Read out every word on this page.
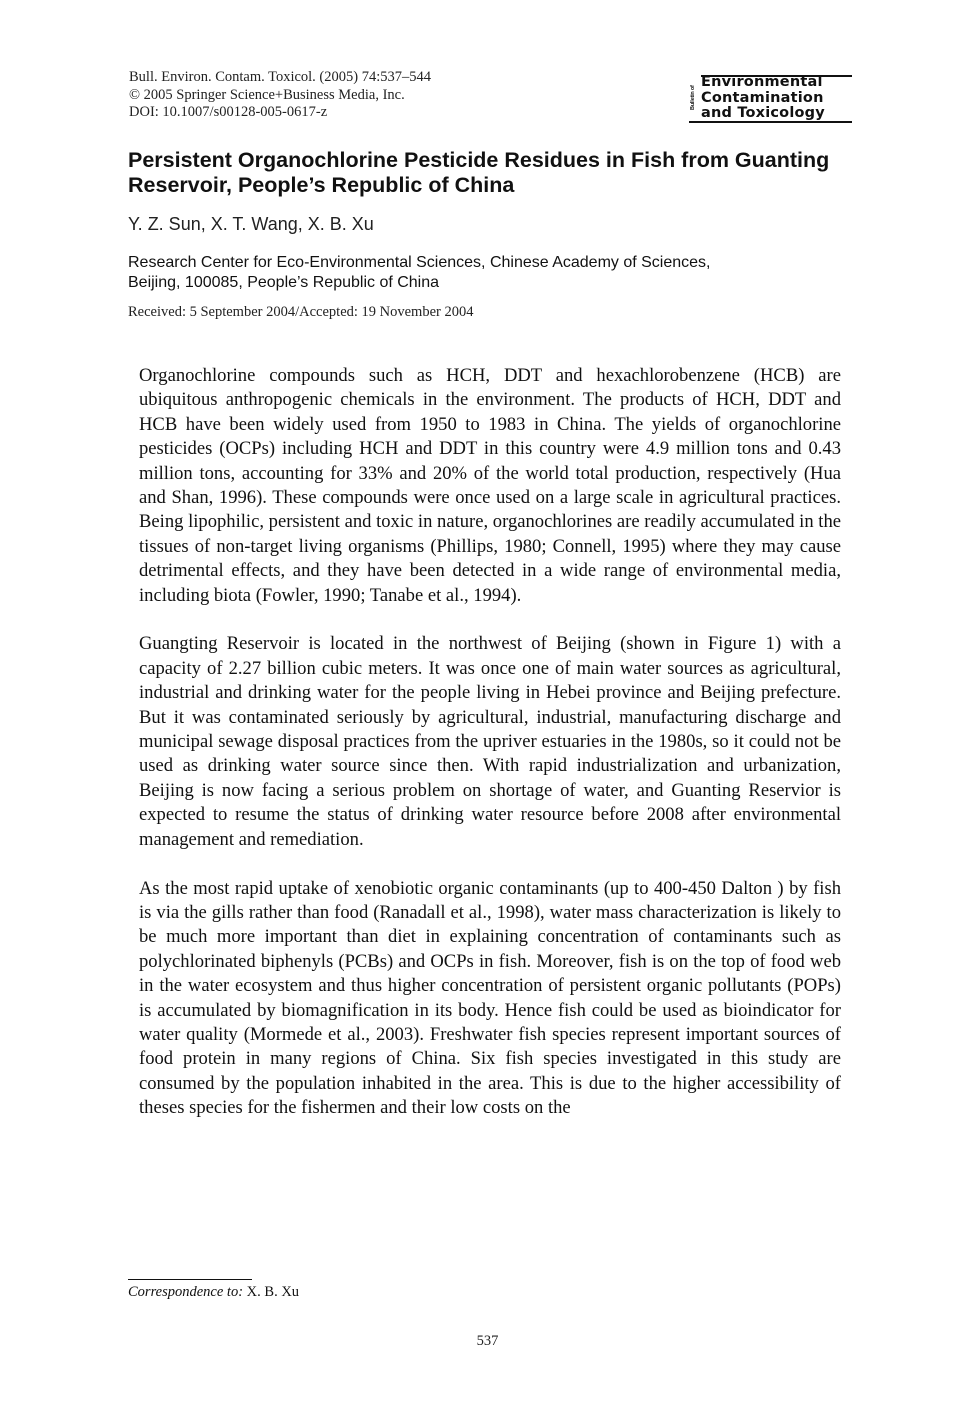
Bull. Environ. Contam. Toxicol. (2005) 74:537–544
© 2005 Springer Science+Business Media, Inc.
DOI: 10.1007/s00128-005-0617-z
Bulletin of
Environmental
Contamination
and Toxicology
Persistent Organochlorine Pesticide Residues in Fish from Guanting Reservoir, People’s Republic of China
Y. Z. Sun, X. T. Wang, X. B. Xu
Research Center for Eco-Environmental Sciences, Chinese Academy of Sciences,
Beijing, 100085, People’s Republic of China
Received: 5 September 2004/Accepted: 19 November 2004

Organochlorine compounds such as HCH, DDT and hexachlorobenzene (HCB) are ubiquitous anthropogenic chemicals in the environment. The products of HCH, DDT and HCB have been widely used from 1950 to 1983 in China. The yields of organochlorine pesticides (OCPs) including HCH and DDT in this country were 4.9 million tons and 0.43 million tons, accounting for 33% and 20% of the world total production, respectively (Hua and Shan, 1996). These compounds were once used on a large scale in agricultural practices. Being lipophilic, persistent and toxic in nature, organochlorines are readily accumulated in the tissues of non-target living organisms (Phillips, 1980; Connell, 1995) where they may cause detrimental effects, and they have been detected in a wide range of environmental media, including biota (Fowler, 1990; Tanabe et al., 1994).

Guangting Reservoir is located in the northwest of Beijing (shown in Figure 1) with a capacity of 2.27 billion cubic meters. It was once one of main water sources as agricultural, industrial and drinking water for the people living in Hebei province and Beijing prefecture. But it was contaminated seriously by agricultural, industrial, manufacturing discharge and municipal sewage disposal practices from the upriver estuaries in the 1980s, so it could not be used as drinking water source since then. With rapid industrialization and urbanization, Beijing is now facing a serious problem on shortage of water, and Guanting Reservior is expected to resume the status of drinking water resource before 2008 after environmental management and remediation.

As the most rapid uptake of xenobiotic organic contaminants (up to 400-450 Dalton ) by fish is via the gills rather than food (Ranadall et al., 1998), water mass characterization is likely to be much more important than diet in explaining concentration of contaminants such as polychlorinated biphenyls (PCBs) and OCPs in fish. Moreover, fish is on the top of food web in the water ecosystem and thus higher concentration of persistent organic pollutants (POPs) is accumulated by biomagnification in its body. Hence fish could be used as bioindicator for water quality (Mormede et al., 2003). Freshwater fish species represent important sources of food protein in many regions of China. Six fish species investigated in this study are consumed by the population inhabited in the area. This is due to the higher accessibility of theses species for the fishermen and their low costs on the

Correspondence to: X. B. Xu
537
